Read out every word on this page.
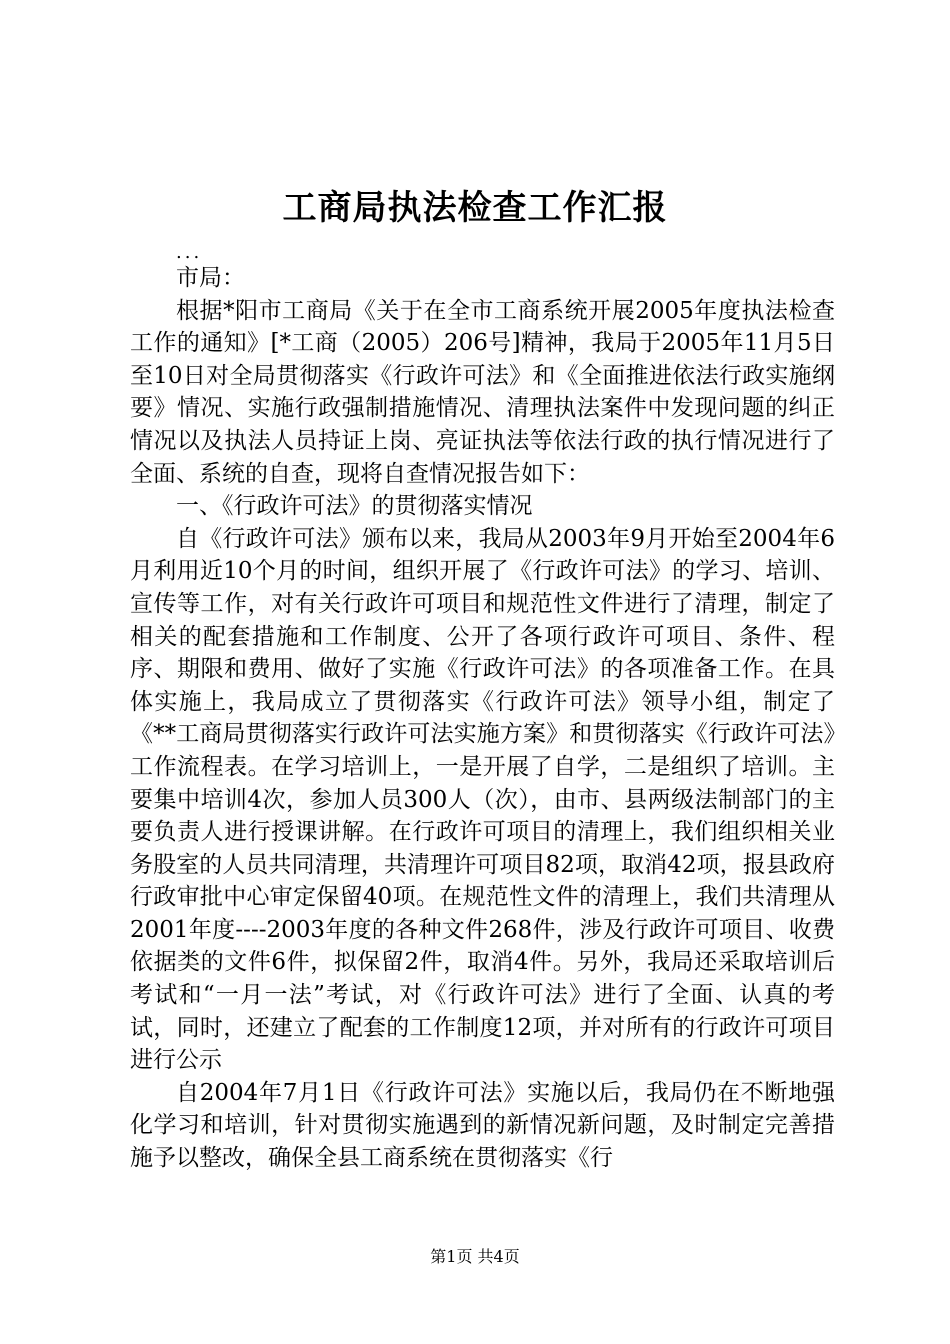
工商局执法检查工作汇报
...

市局：

根据*阳市工商局《关于在全市工商系统开展2005年度执法检查工作的通知》[*工商（2005）206号]精神，我局于2005年11月5日至10日对全局贯彻落实《行政许可法》和《全面推进依法行政实施纲要》情况、实施行政强制措施情况、清理执法案件中发现问题的纠正情况以及执法人员持证上岗、亮证执法等依法行政的执行情况进行了全面、系统的自查，现将自查情况报告如下：

一、《行政许可法》的贯彻落实情况

自《行政许可法》颁布以来，我局从2003年9月开始至2004年6月利用近10个月的时间，组织开展了《行政许可法》的学习、培训、宣传等工作，对有关行政许可项目和规范性文件进行了清理，制定了相关的配套措施和工作制度、公开了各项行政许可项目、条件、程序、期限和费用、做好了实施《行政许可法》的各项准备工作。在具体实施上，我局成立了贯彻落实《行政许可法》领导小组，制定了《**工商局贯彻落实行政许可法实施方案》和贯彻落实《行政许可法》工作流程表。在学习培训上，一是开展了自学，二是组织了培训。主要集中培训4次，参加人员300人（次），由市、县两级法制部门的主要负责人进行授课讲解。在行政许可项目的清理上，我们组织相关业务股室的人员共同清理，共清理许可项目82项，取消42项，报县政府行政审批中心审定保留40项。在规范性文件的清理上，我们共清理从2001年度----2003年度的各种文件268件，涉及行政许可项目、收费依据类的文件6件，拟保留2件，取消4件。另外，我局还采取培训后考试和“一月一法”考试，对《行政许可法》进行了全面、认真的考试，同时，还建立了配套的工作制度12项，并对所有的行政许可项目进行公示

自2004年7月1日《行政许可法》实施以后，我局仍在不断地强化学习和培训，针对贯彻实施遇到的新情况新问题，及时制定完善措施予以整改，确保全县工商系统在贯彻落实《行

第1页 共4页
